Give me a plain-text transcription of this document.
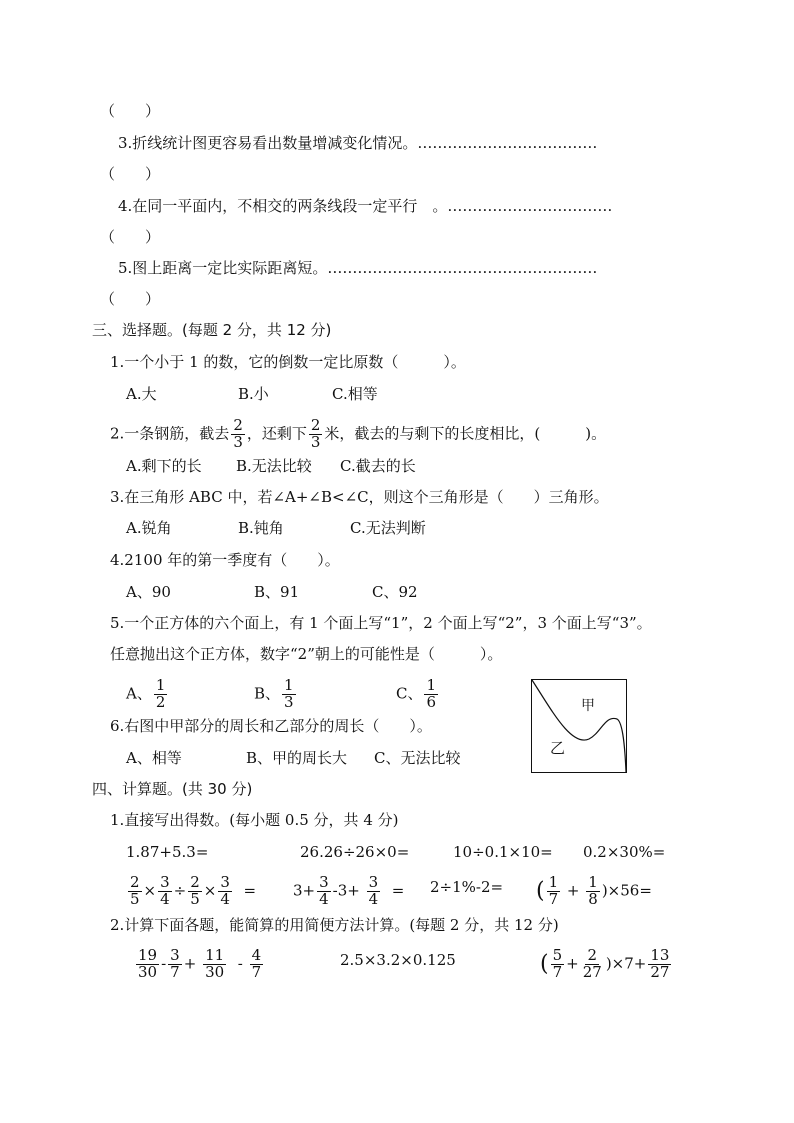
（　　）
3.折线统计图更容易看出数量增减变化情况。………………………………
（　　）
4.在同一平面内，不相交的两条线段一定平行　。……………………………
（　　）
5.图上距离一定比实际距离短。………………………………………………
（　　）
三、选择题。(每题 2 分，共 12 分)
1.一个小于 1 的数，它的倒数一定比原数（　　　）。
A.大	B.小	C.相等
2.一条钢筋，截去 $\frac{2}{3}$ ，还剩下 $\frac{2}{3}$ 米，截去的与剩下的长度相比，(　　　)。
A.剩下的长 B.无法比较 C.截去的长
3.在三角形 ABC 中，若∠A+∠B<∠C，则这个三角形是（　　）三角形。
A.锐角	B.钝角	C.无法判断
4.2100 年的第一季度有（　　）。
A、90	B、91	C、92
5.一个正方体的六个面上，有 1 个面上写“1”，2 个面上写“2”，3 个面上写“3”。
任意抛出这个正方体，数字“2”朝上的可能性是（　　　）。
A、 $\frac{1}{2}$	B、 $\frac{1}{3}$	C、 $\frac{1}{6}$
6.右图中甲部分的周长和乙部分的周长（　　）。
A、相等	B、甲的周长大 C、无法比较
甲
乙
四、计算题。(共 30 分)
1.直接写出得数。(每小题 0.5 分，共 4 分)
1.87+5.3=	26.26÷26×0=	10÷0.1×10= 0.2×30%=
$\frac{2}{5} \times \frac{3}{4} \div \frac{2}{5} \times \frac{3}{4} = 3+ \frac{3}{4} -3+ \frac{3}{4} = 2\div 1\%-2=$ ( $\frac{1}{7} + \frac{1}{8} )\times 56=$
2.计算下面各题，能简算的用简便方法计算。(每题 2 分，共 12 分)
$\frac{19}{30} - \frac{3}{7} + \frac{11}{30} - \frac{4}{7}$	2.5×3.2×0.125	( $\frac{5}{7} + \frac{2}{27} )\times 7+ \frac{13}{27}$
